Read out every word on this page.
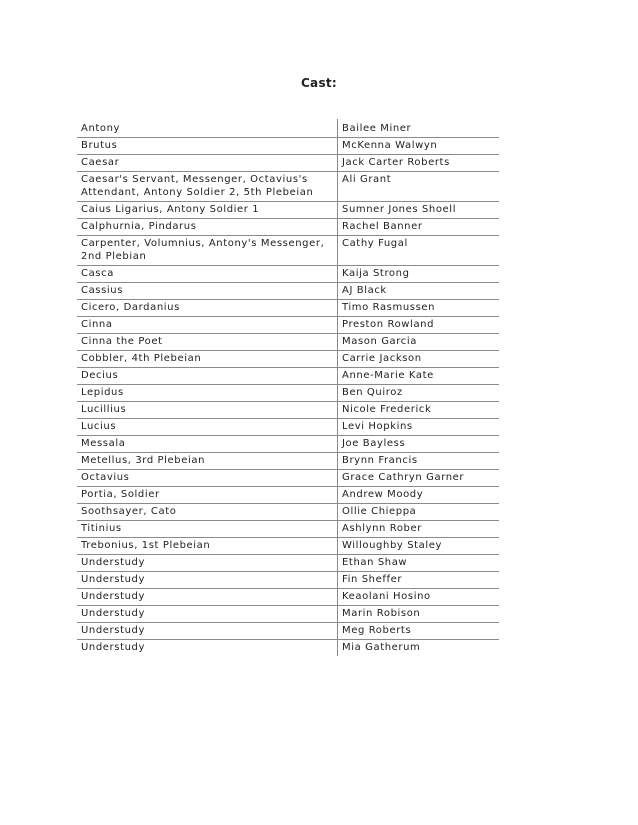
Cast:
Antony	Bailee Miner
Brutus	McKenna Walwyn
Caesar	Jack Carter Roberts
Caesar's Servant, Messenger, Octavius's Attendant, Antony Soldier 2, 5th Plebeian	Ali Grant
Caius Ligarius, Antony Soldier 1	Sumner Jones Shoell
Calphurnia, Pindarus	Rachel Banner
Carpenter, Volumnius, Antony's Messenger, 2nd Plebian	Cathy Fugal
Casca	Kaija Strong
Cassius	AJ Black
Cicero, Dardanius	Timo Rasmussen
Cinna	Preston Rowland
Cinna the Poet	Mason Garcia
Cobbler, 4th Plebeian	Carrie Jackson
Decius	Anne-Marie Kate
Lepidus	Ben Quiroz
Lucillius	Nicole Frederick
Lucius	Levi Hopkins
Messala	Joe Bayless
Metellus, 3rd Plebeian	Brynn Francis
Octavius	Grace Cathryn Garner
Portia, Soldier	Andrew Moody
Soothsayer, Cato	Ollie Chieppa
Titinius	Ashlynn Rober
Trebonius, 1st Plebeian	Willoughby Staley
Understudy	Ethan Shaw
Understudy	Fin Sheffer
Understudy	Keaolani Hosino
Understudy	Marin Robison
Understudy	Meg Roberts
Understudy	Mia Gatherum
